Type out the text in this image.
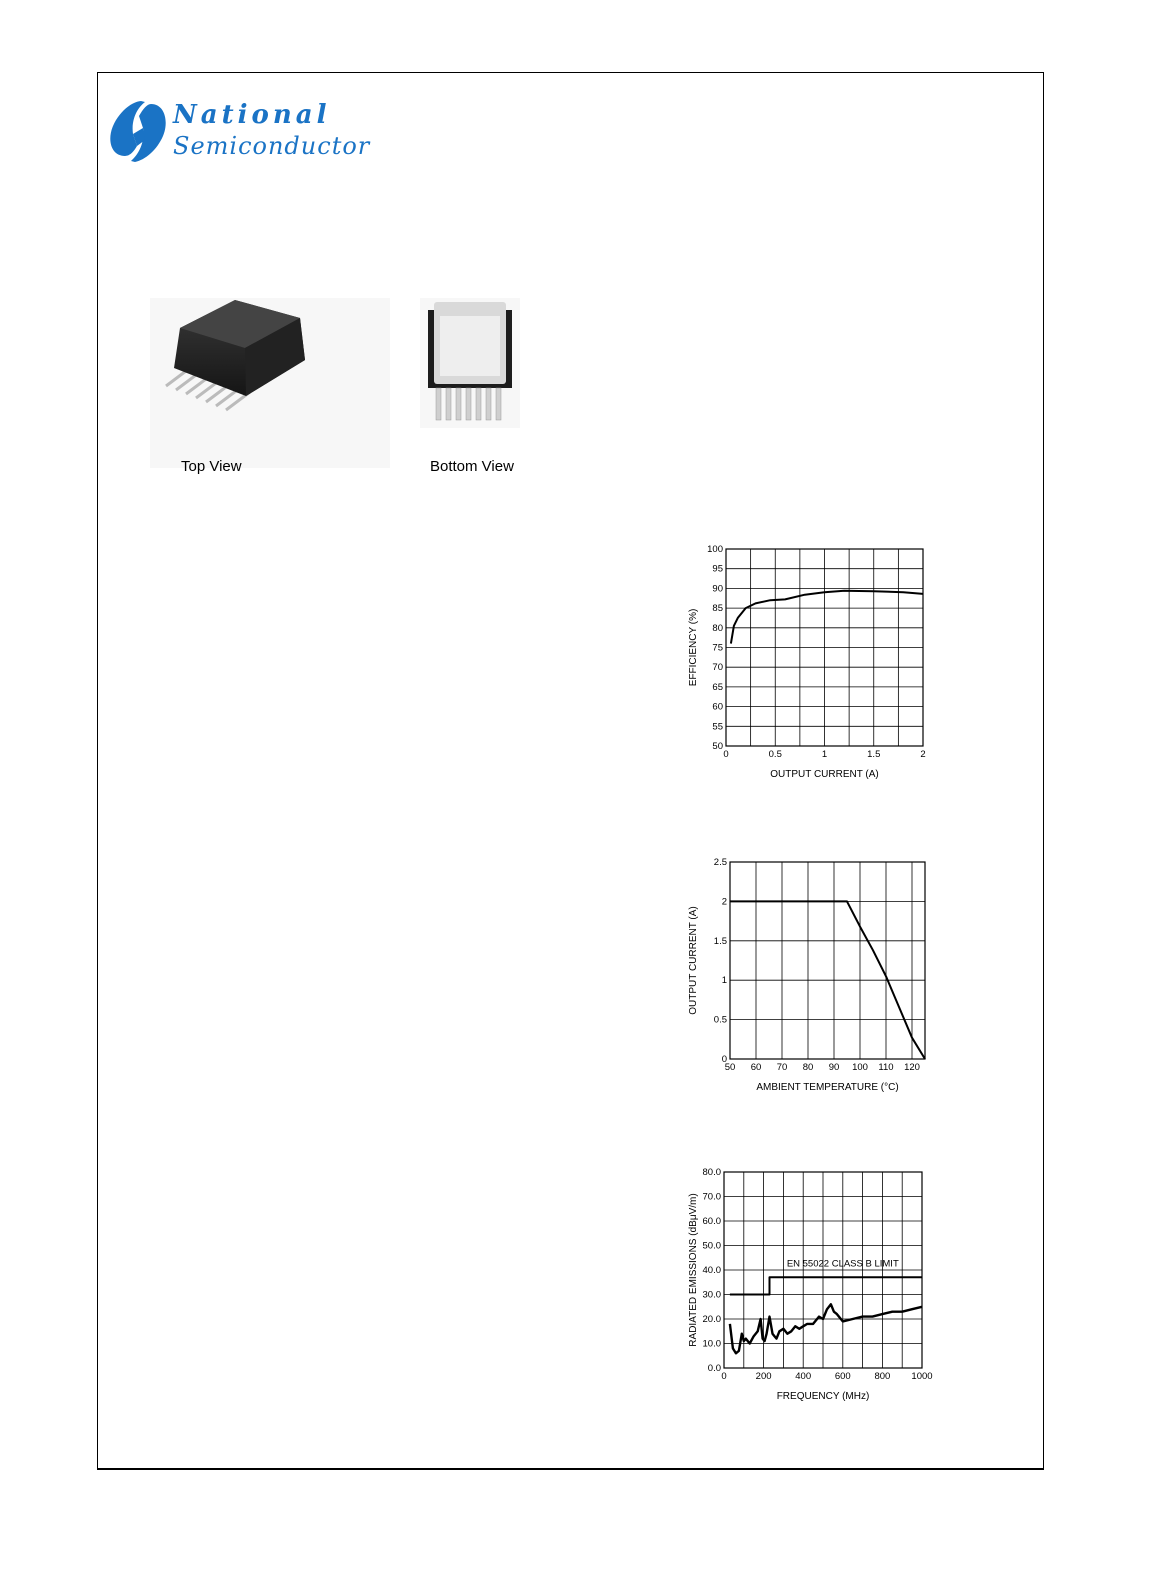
National
Semiconductor
Top View	Bottom View
0	0.5	1	1.5	2
50
55
60
65
70
75
80
85
90
95
100
OUTPUT CURRENT (A)
EFFICIENCY (%)
50 60 70 80 90 100 110 120
0
0.5
1
1.5
2
2.5
AMBIENT TEMPERATURE (°C)
OUTPUT CURRENT (A)
0	200 400 600 800 1000
0.0
10.0
20.0
30.0
40.0
50.0
60.0
70.0
80.0
FREQUENCY (MHz)
RADIATED EMISSIONS (dBμV/m)	EN 55022 CLASS B LIMIT
